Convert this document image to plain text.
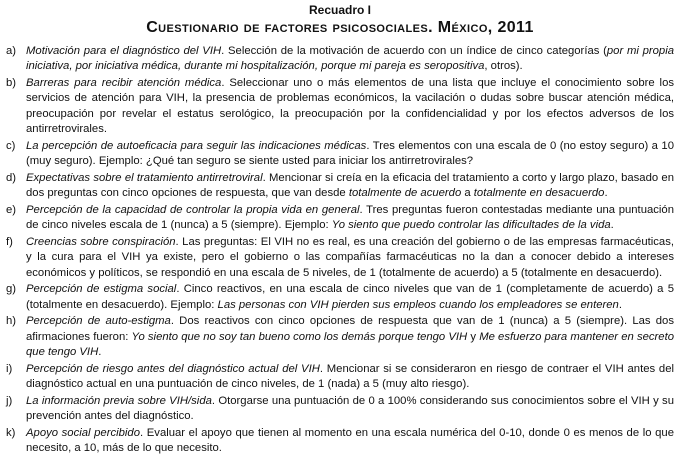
Recuadro I
Cuestionario de factores psicosociales. México, 2011
a) Motivación para el diagnóstico del VIH. Selección de la motivación de acuerdo con un índice de cinco categorías (por mi propia iniciativa, por iniciativa médica, durante mi hospitalización, porque mi pareja es seropositiva, otros).
b) Barreras para recibir atención médica. Seleccionar uno o más elementos de una lista que incluye el conocimiento sobre los servicios de atención para VIH, la presencia de problemas económicos, la vacilación o dudas sobre buscar atención médica, preocupación por revelar el estatus serológico, la preocupación por la confidencialidad y por los efectos adversos de los antirretrovirales.
c) La percepción de autoeficacia para seguir las indicaciones médicas. Tres elementos con una escala de 0 (no estoy seguro) a 10 (muy seguro). Ejemplo: ¿Qué tan seguro se siente usted para iniciar los antirretrovirales?
d) Expectativas sobre el tratamiento antirretroviral. Mencionar si creía en la eficacia del tratamiento a corto y largo plazo, basado en dos preguntas con cinco opciones de respuesta, que van desde totalmente de acuerdo a totalmente en desacuerdo.
e) Percepción de la capacidad de controlar la propia vida en general. Tres preguntas fueron contestadas mediante una puntuación de cinco niveles escala de 1 (nunca) a 5 (siempre). Ejemplo: Yo siento que puedo controlar las dificultades de la vida.
f)	Creencias sobre conspiración. Las preguntas: El VIH no es real, es una creación del gobierno o de las empresas farmacéuticas, y la cura para el VIH ya existe, pero el gobierno o las compañías farmacéuticas no la dan a conocer debido a intereses económicos y políticos, se respondió en una escala de 5 niveles, de 1 (totalmente de acuerdo) a 5 (totalmente en desacuerdo).
g) Percepción de estigma social. Cinco reactivos, en una escala de cinco niveles que van de 1 (completamente de acuerdo) a 5 (totalmente en desacuerdo). Ejemplo: Las personas con VIH pierden sus empleos cuando los empleadores se enteren.
h) Percepción de auto-estigma. Dos reactivos con cinco opciones de respuesta que van de 1 (nunca) a 5 (siempre). Las dos afirmaciones fueron: Yo siento que no soy tan bueno como los demás porque tengo VIH y Me esfuerzo para mantener en secreto que tengo VIH.
i)	Percepción de riesgo antes del diagnóstico actual del VIH. Mencionar si se consideraron en riesgo de contraer el VIH antes del diagnóstico actual en una puntuación de cinco niveles, de 1 (nada) a 5 (muy alto riesgo).
j)	La información previa sobre VIH/sida. Otorgarse una puntuación de 0 a 100% considerando sus conocimientos sobre el VIH y su prevención antes del diagnóstico.
k) Apoyo social percibido. Evaluar el apoyo que tienen al momento en una escala numérica del 0-10, donde 0 es menos de lo que necesito, a 10, más de lo que necesito.
